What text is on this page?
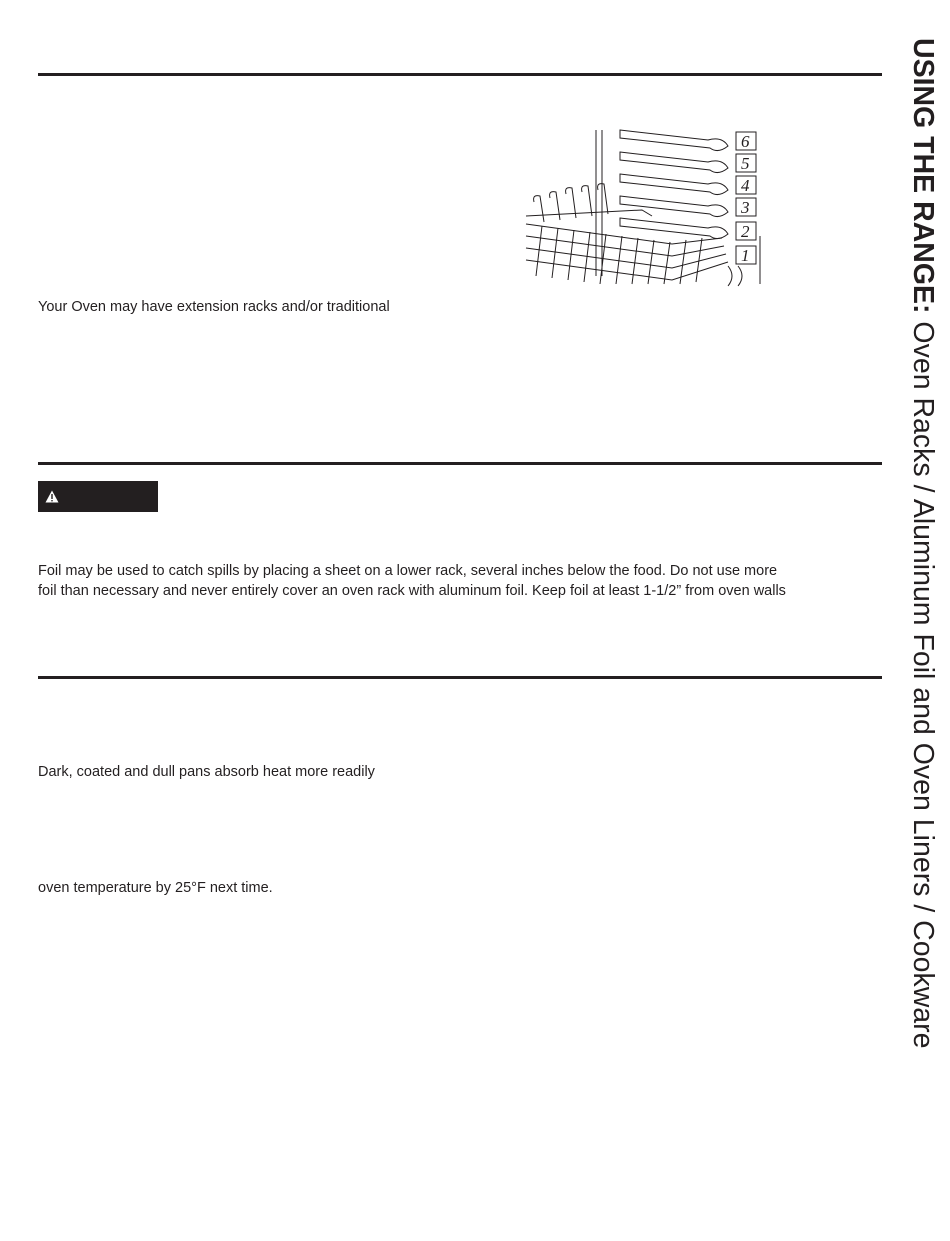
USING THE RANGE: Oven Racks / Aluminum Foil and Oven Liners / Cookware
6
5
4
3
2
1
Your Oven may have extension racks and/or traditional
Foil may be used to catch spills by placing a sheet on a lower rack, several inches below the food. Do not use more
foil than necessary and never entirely cover an oven rack with aluminum foil. Keep foil at least 1-1/2” from oven walls
Dark, coated and dull pans absorb heat more readily
oven temperature by 25°F next time.
